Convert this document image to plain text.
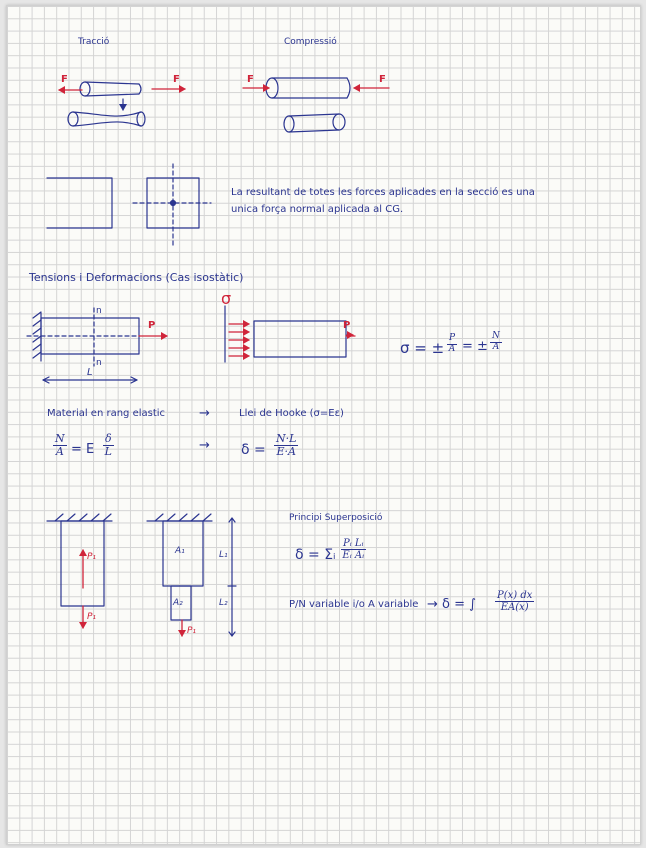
Tracció	Compressió
F	F	F	F
La resultant de totes les forces aplicades en la secció es una
unica força normal aplicada al CG.
Tensions i Deformacions (Cas isostàtic)
n
n
P
L
σ
P
σ = ± $\frac{P}{A}$ = ± $\frac{N}{A}$
Material en rang elastic	→	Llei de Hooke (σ=Eε)
$\frac{N}{A} = E \frac{\delta}{L}$	→ $\delta = \frac{N\cdot L}{E\cdot A}$
P₁
P₁
A₁
A₂
P₁
L₁
L₂
Principi Superposició
δ = Σᵢ $\frac{\text{Pᵢ Lᵢ}}{\text{Eᵢ Aᵢ}}$
P/N variable i/o A variable → δ = ∫ $\frac{P(x) dx}{EA(x)}$
